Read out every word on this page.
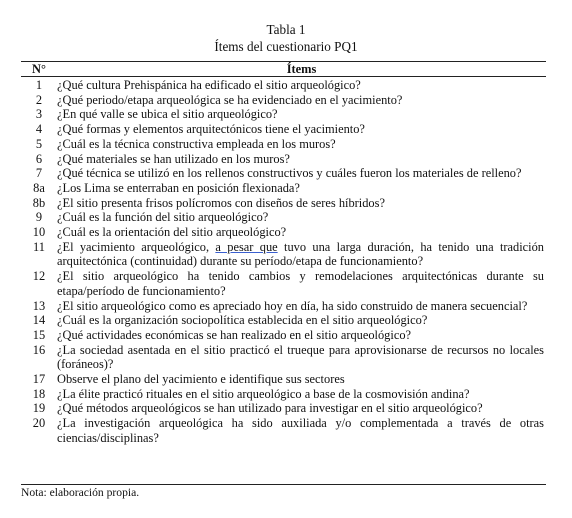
Tabla 1
Ítems del cuestionario PQ1
N°	Ítems
1	¿Qué cultura Prehispánica ha edificado el sitio arqueológico?
2	¿Qué periodo/etapa arqueológica se ha evidenciado en el yacimiento?
3	¿En qué valle se ubica el sitio arqueológico?
4	¿Qué formas y elementos arquitectónicos tiene el yacimiento?
5	¿Cuál es la técnica constructiva empleada en los muros?
6	¿Qué materiales se han utilizado en los muros?
7	¿Qué técnica se utilizó en los rellenos constructivos y cuáles fueron los materiales de relleno?
8a	¿Los Lima se enterraban en posición flexionada?
8b	¿El sitio presenta frisos polícromos con diseños de seres híbridos?
9	¿Cuál es la función del sitio arqueológico?
10	¿Cuál es la orientación del sitio arqueológico?
11	¿El yacimiento arqueológico, a pesar que tuvo una larga duración, ha tenido una tradición arquitectónica (continuidad) durante su período/etapa de funcionamiento?
12	¿El sitio arqueológico ha tenido cambios y remodelaciones arquitectónicas durante su etapa/período de funcionamiento?
13	¿El sitio arqueológico como es apreciado hoy en día, ha sido construido de manera secuencial?
14	¿Cuál es la organización sociopolítica establecida en el sitio arqueológico?
15	¿Qué actividades económicas se han realizado en el sitio arqueológico?
16	¿La sociedad asentada en el sitio practicó el trueque para aprovisionarse de recursos no locales (foráneos)?
17	Observe el plano del yacimiento e identifique sus sectores
18	¿La élite practicó rituales en el sitio arqueológico a base de la cosmovisión andina?
19	¿Qué métodos arqueológicos se han utilizado para investigar en el sitio arqueológico?
20	¿La investigación arqueológica ha sido auxiliada y/o complementada a través de otras ciencias/disciplinas?
Nota: elaboración propia.
